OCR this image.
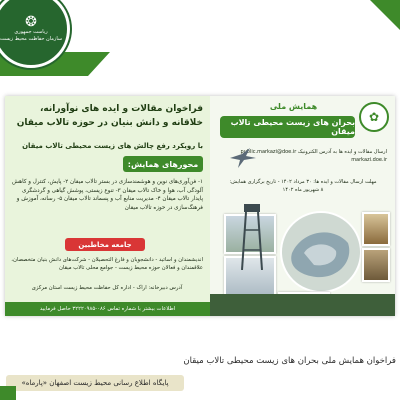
❂
ریاست جمهوری
سازمان حفاظت محیط زیست
فراخوان مقالات و ایده های نوآورانه، خلاقانه و دانش بنیان در حوزه تالاب میقان
با رویکرد رفع چالش های زیست محیطی تالاب میقان
محورهای همایش:
۱- فن‌آوری‌های نوین و هوشمندسازی در بستر تالاب میقان ۲- پایش، کنترل و کاهش آلودگی آب، هوا و خاک تالاب میقان ۳- تنوع زیستی، پوشش گیاهی و گردشگری پایدار تالاب میقان ۴- مدیریت منابع آب و پسماند تالاب میقان ۵- رسانه، آموزش و فرهنگ‌سازی در حوزه تالاب میقان
جامعه مخاطبین
اندیشمندان و اساتید - دانشجویان و فارغ التحصیلان - شرکت‌های دانش بنیان متخصصان، علاقمندان و فعالان حوزه محیط زیست - جوامع محلی تالاب میقان
آدرس دبیرخانه: اراک - اداره کل حفاظت محیط زیست استان مرکزی
اطلاعات بیشتر با شماره تماس ۰۸۶-۳۲۲۲۰۹۸۵ حاصل فرمایید
✿
همایش ملی
بحران های زیست محیطی تالاب میقان
ارسال مقالات و ایده ها به آدرس الکترونیک public.markazi@doe.ir markazi.doe.ir
مهلت ارسال مقالات و ایده ها: ۳۰ مرداد ۱۴۰۲ - تاریخ برگزاری همایش: ۸ شهریور ماه ۱۴۰۲
فراخوان همایش ملی بحران های زیست محیطی تالاب میقان
پایگاه اطلاع رسانی محیط زیست اصفهان «پارماه»
